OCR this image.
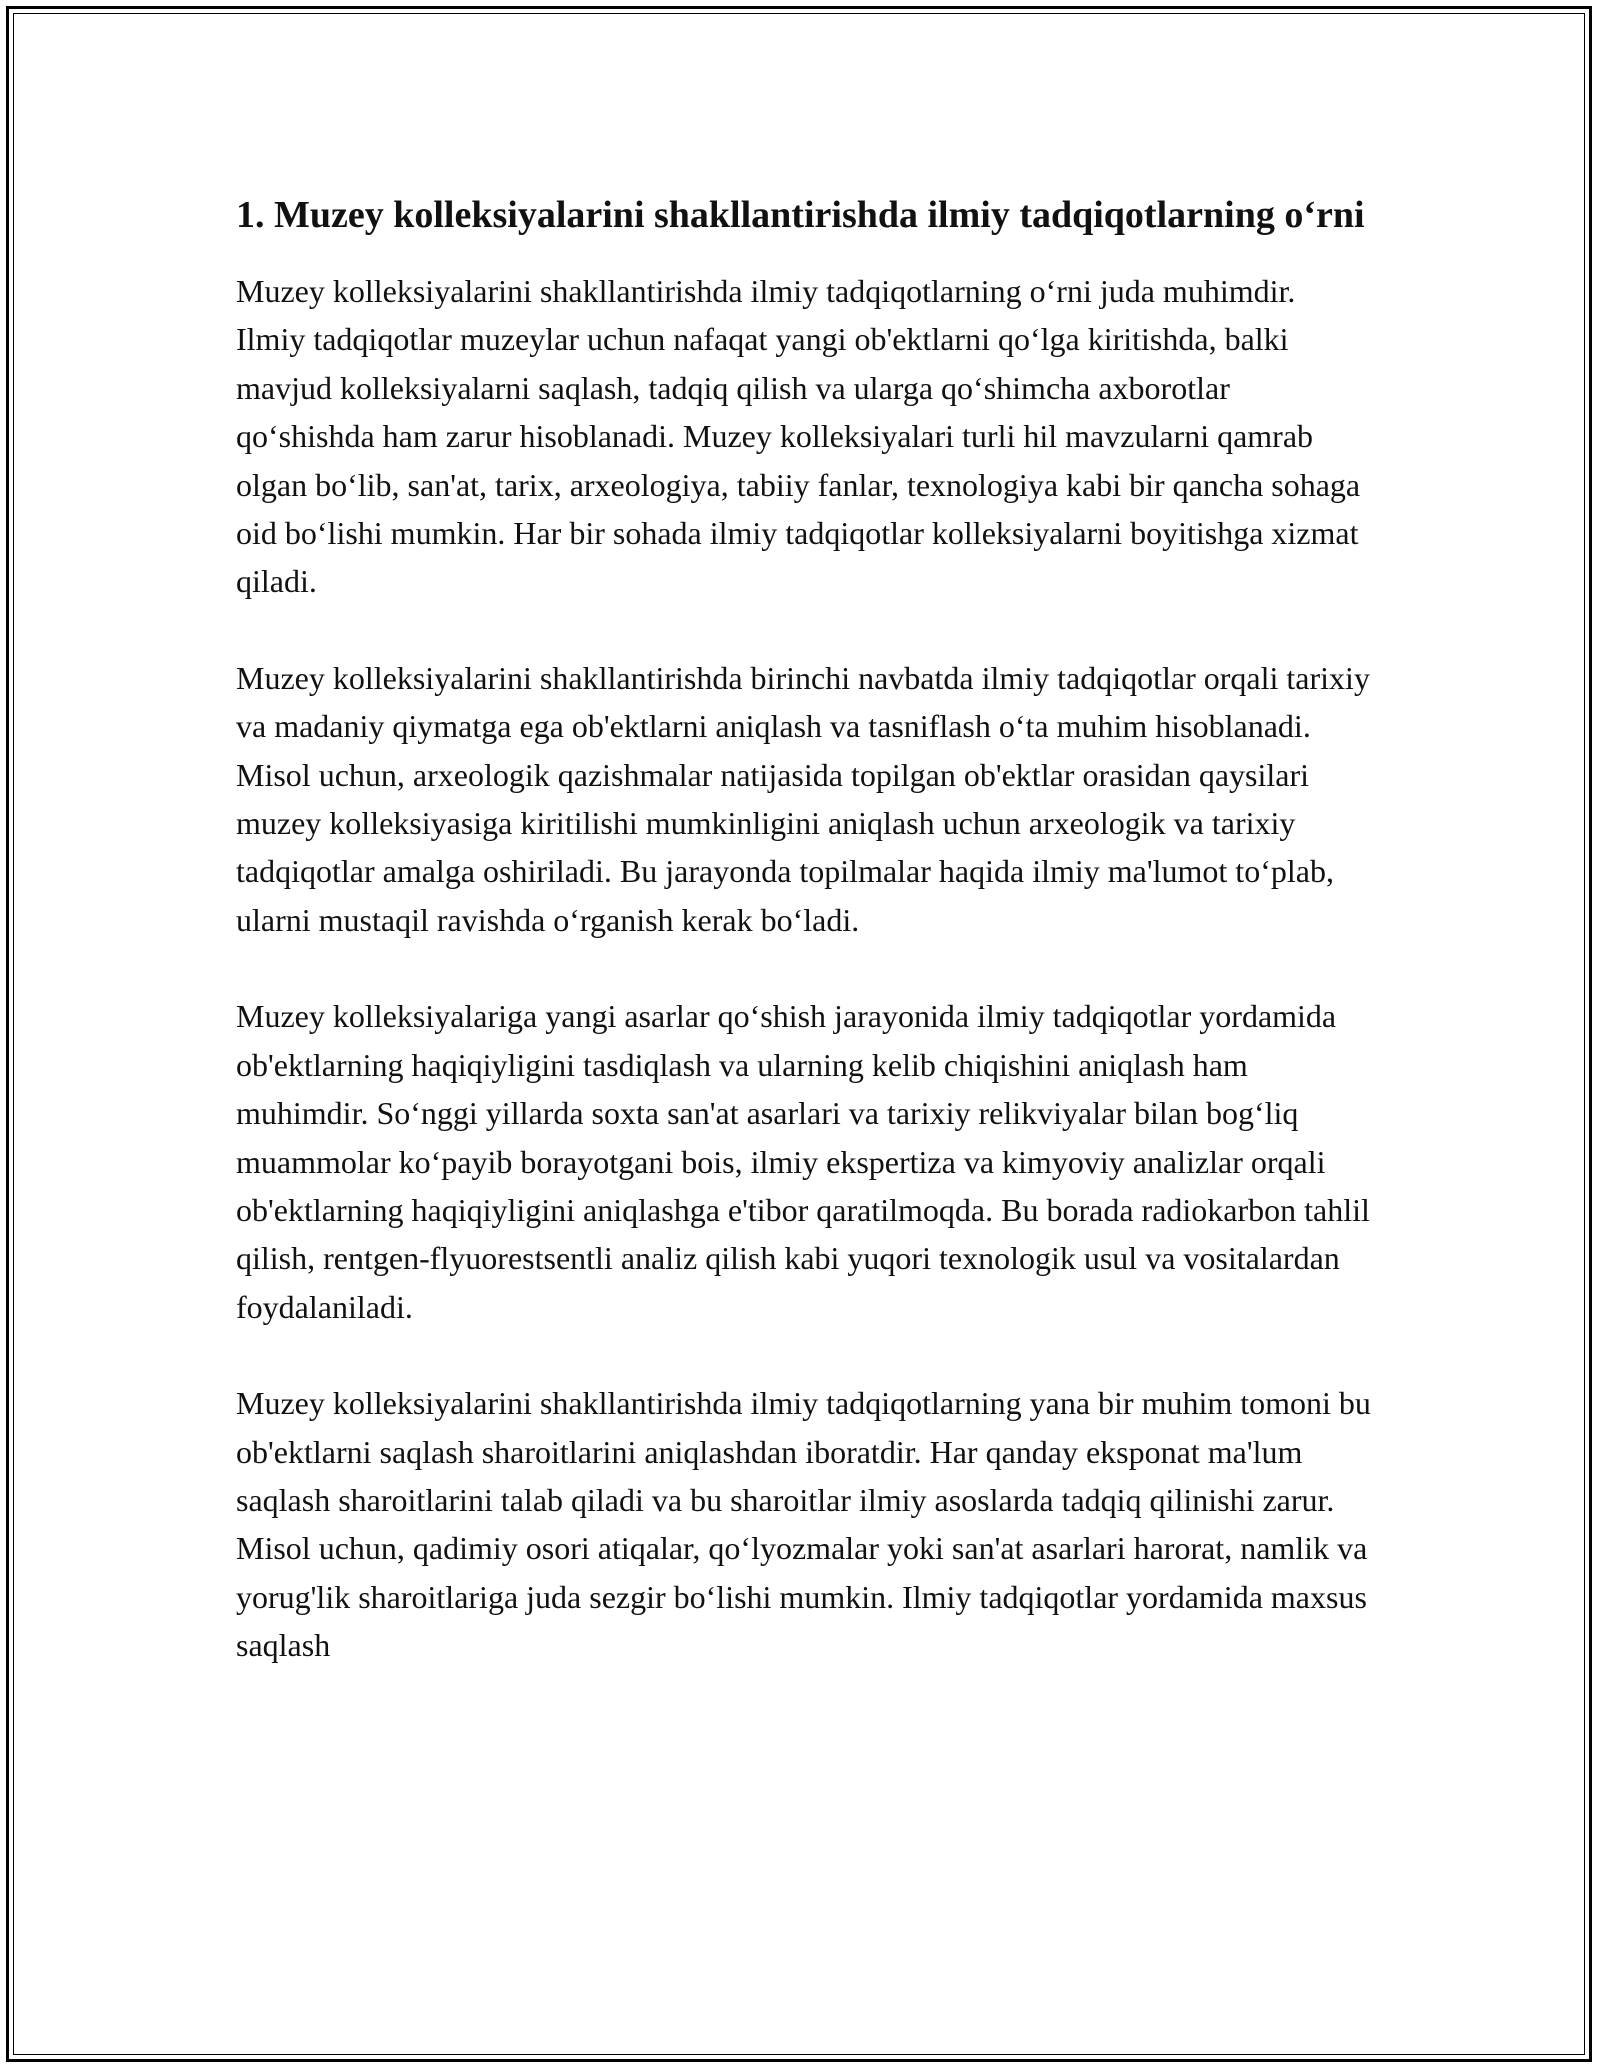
1. Muzey kolleksiyalarini shakllantirishda ilmiy tadqiqotlarning o‘rni

Muzey kolleksiyalarini shakllantirishda ilmiy tadqiqotlarning o‘rni juda muhimdir. Ilmiy tadqiqotlar muzeylar uchun nafaqat yangi ob'ektlarni qo‘lga kiritishda, balki mavjud kolleksiyalarni saqlash, tadqiq qilish va ularga qo‘shimcha axborotlar qo‘shishda ham zarur hisoblanadi. Muzey kolleksiyalari turli hil mavzularni qamrab olgan bo‘lib, san'at, tarix, arxeologiya, tabiiy fanlar, texnologiya kabi bir qancha sohaga oid bo‘lishi mumkin. Har bir sohada ilmiy tadqiqotlar kolleksiyalarni boyitishga xizmat qiladi.

Muzey kolleksiyalarini shakllantirishda birinchi navbatda ilmiy tadqiqotlar orqali tarixiy va madaniy qiymatga ega ob'ektlarni aniqlash va tasniflash o‘ta muhim hisoblanadi. Misol uchun, arxeologik qazishmalar natijasida topilgan ob'ektlar orasidan qaysilari muzey kolleksiyasiga kiritilishi mumkinligini aniqlash uchun arxeologik va tarixiy tadqiqotlar amalga oshiriladi. Bu jarayonda topilmalar haqida ilmiy ma'lumot to‘plab, ularni mustaqil ravishda o‘rganish kerak bo‘ladi.

Muzey kolleksiyalariga yangi asarlar qo‘shish jarayonida ilmiy tadqiqotlar yordamida ob'ektlarning haqiqiyligini tasdiqlash va ularning kelib chiqishini aniqlash ham muhimdir. So‘nggi yillarda soxta san'at asarlari va tarixiy relikviyalar bilan bog‘liq muammolar ko‘payib borayotgani bois, ilmiy ekspertiza va kimyoviy analizlar orqali ob'ektlarning haqiqiyligini aniqlashga e'tibor qaratilmoqda. Bu borada radiokarbon tahlil qilish, rentgen-flyuorestsentli analiz qilish kabi yuqori texnologik usul va vositalardan foydalaniladi.

Muzey kolleksiyalarini shakllantirishda ilmiy tadqiqotlarning yana bir muhim tomoni bu ob'ektlarni saqlash sharoitlarini aniqlashdan iboratdir. Har qanday eksponat ma'lum saqlash sharoitlarini talab qiladi va bu sharoitlar ilmiy asoslarda tadqiq qilinishi zarur. Misol uchun, qadimiy osori atiqalar, qo‘lyozmalar yoki san'at asarlari harorat, namlik va yorug'lik sharoitlariga juda sezgir bo‘lishi mumkin. Ilmiy tadqiqotlar yordamida maxsus saqlash
